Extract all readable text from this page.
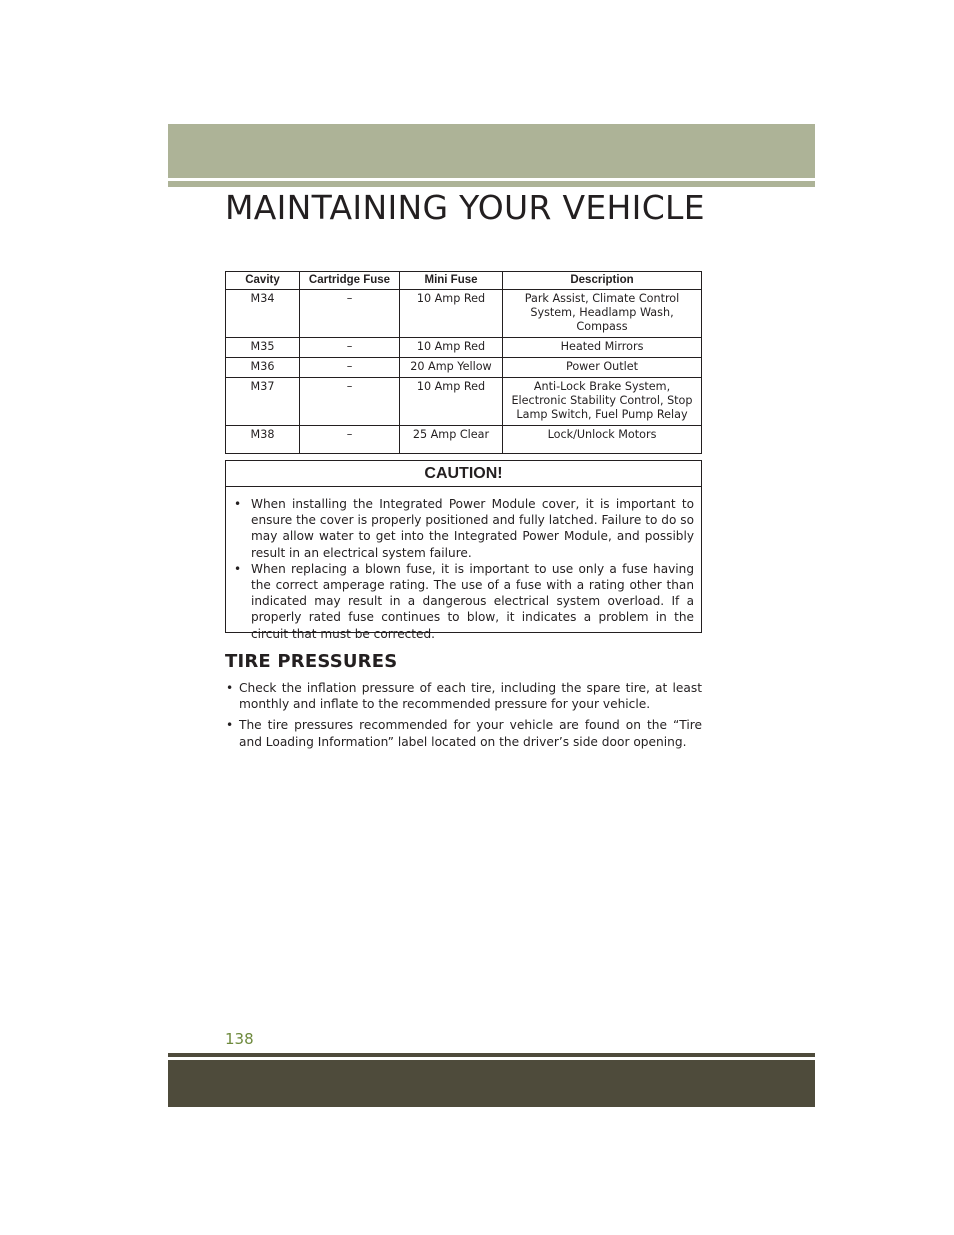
MAINTAINING YOUR VEHICLE
Cavity	Cartridge Fuse	Mini Fuse	Description
M34	–	10 Amp Red	Park Assist, Climate Control System, Headlamp Wash, Compass
M35	–	10 Amp Red	Heated Mirrors
M36	–	20 Amp Yellow	Power Outlet
M37	–	10 Amp Red	Anti-Lock Brake System, Electronic Stability Control, Stop Lamp Switch, Fuel Pump Relay
M38	–	25 Amp Clear	Lock/Unlock Motors
CAUTION!
• When installing the Integrated Power Module cover, it is important to ensure the cover is properly positioned and fully latched. Failure to do so may allow water to get into the Integrated Power Module, and possibly result in an electrical system failure.
• When replacing a blown fuse, it is important to use only a fuse having the correct amperage rating. The use of a fuse with a rating other than indicated may result in a dangerous electrical system overload. If a properly rated fuse continues to blow, it indicates a problem in the circuit that must be corrected.
TIRE PRESSURES
• Check the inflation pressure of each tire, including the spare tire, at least monthly and inflate to the recommended pressure for your vehicle.
• The tire pressures recommended for your vehicle are found on the “Tire and Loading Information” label located on the driver’s side door opening.
138
